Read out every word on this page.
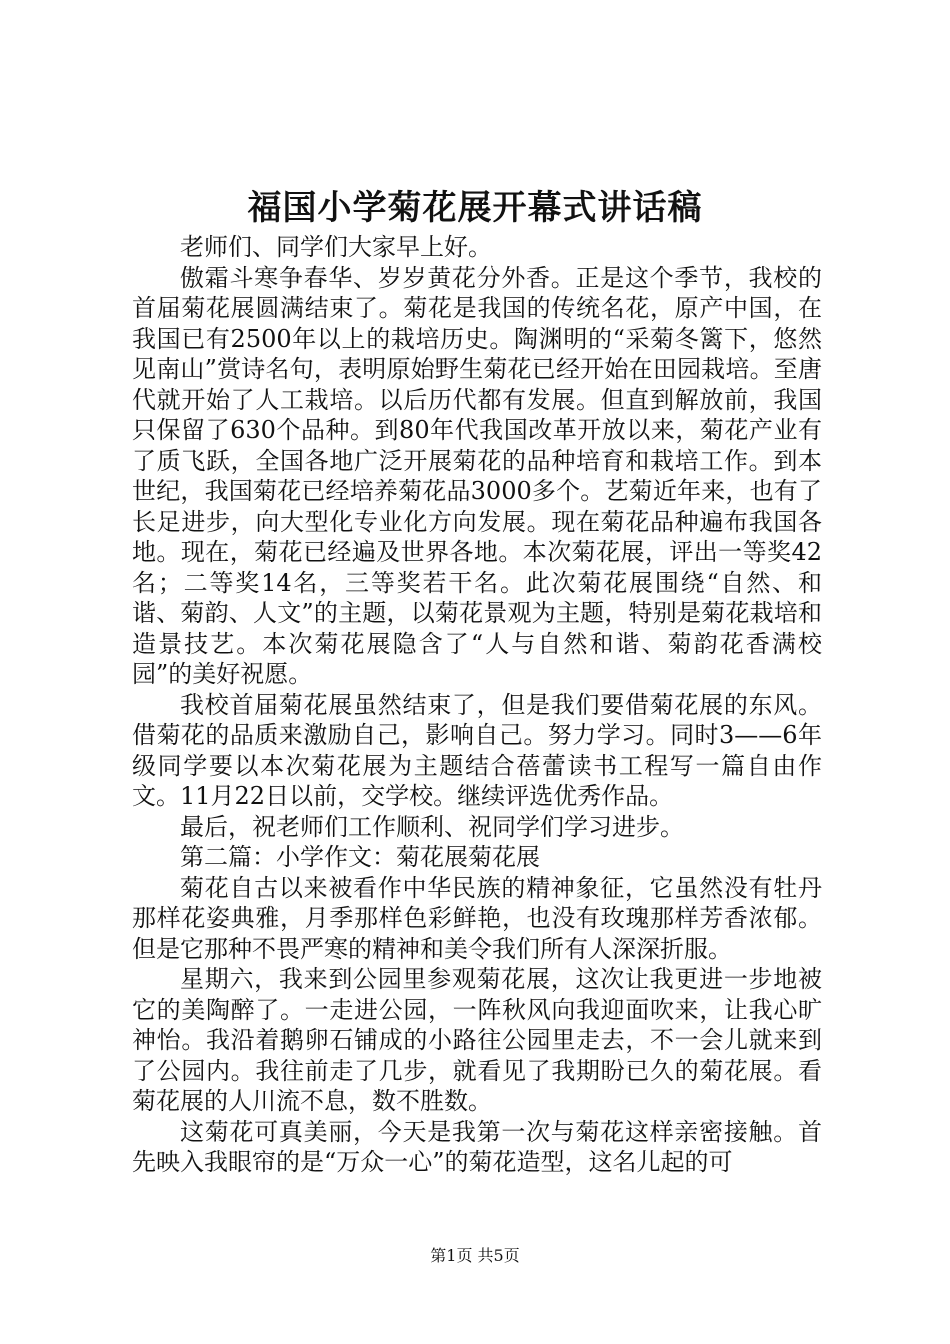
福国小学菊花展开幕式讲话稿

老师们、同学们大家早上好。

傲霜斗寒争春华、岁岁黄花分外香。正是这个季节，我校的首届菊花展圆满结束了。菊花是我国的传统名花，原产中国，在我国已有2500年以上的栽培历史。陶渊明的“采菊冬篱下，悠然见南山”赏诗名句，表明原始野生菊花已经开始在田园栽培。至唐代就开始了人工栽培。以后历代都有发展。但直到解放前，我国只保留了630个品种。到80年代我国改革开放以来，菊花产业有了质飞跃，全国各地广泛开展菊花的品种培育和栽培工作。到本世纪，我国菊花已经培养菊花品3000多个。艺菊近年来，也有了长足进步，向大型化专业化方向发展。现在菊花品种遍布我国各地。现在，菊花已经遍及世界各地。本次菊花展，评出一等奖42名；二等奖14名，三等奖若干名。此次菊花展围绕“自然、和谐、菊韵、人文”的主题，以菊花景观为主题，特别是菊花栽培和造景技艺。本次菊花展隐含了“人与自然和谐、菊韵花香满校园”的美好祝愿。

我校首届菊花展虽然结束了，但是我们要借菊花展的东风。借菊花的品质来激励自己，影响自己。努力学习。同时3——6年级同学要以本次菊花展为主题结合蓓蕾读书工程写一篇自由作文。11月22日以前，交学校。继续评选优秀作品。

最后，祝老师们工作顺利、祝同学们学习进步。

第二篇：小学作文：菊花展菊花展

菊花自古以来被看作中华民族的精神象征，它虽然没有牡丹那样花姿典雅，月季那样色彩鲜艳，也没有玫瑰那样芳香浓郁。但是它那种不畏严寒的精神和美令我们所有人深深折服。

星期六，我来到公园里参观菊花展，这次让我更进一步地被它的美陶醉了。一走进公园，一阵秋风向我迎面吹来，让我心旷神怡。我沿着鹅卵石铺成的小路往公园里走去，不一会儿就来到了公园内。我往前走了几步，就看见了我期盼已久的菊花展。看菊花展的人川流不息，数不胜数。

这菊花可真美丽，今天是我第一次与菊花这样亲密接触。首先映入我眼帘的是“万众一心”的菊花造型，这名儿起的可

第1页 共5页
